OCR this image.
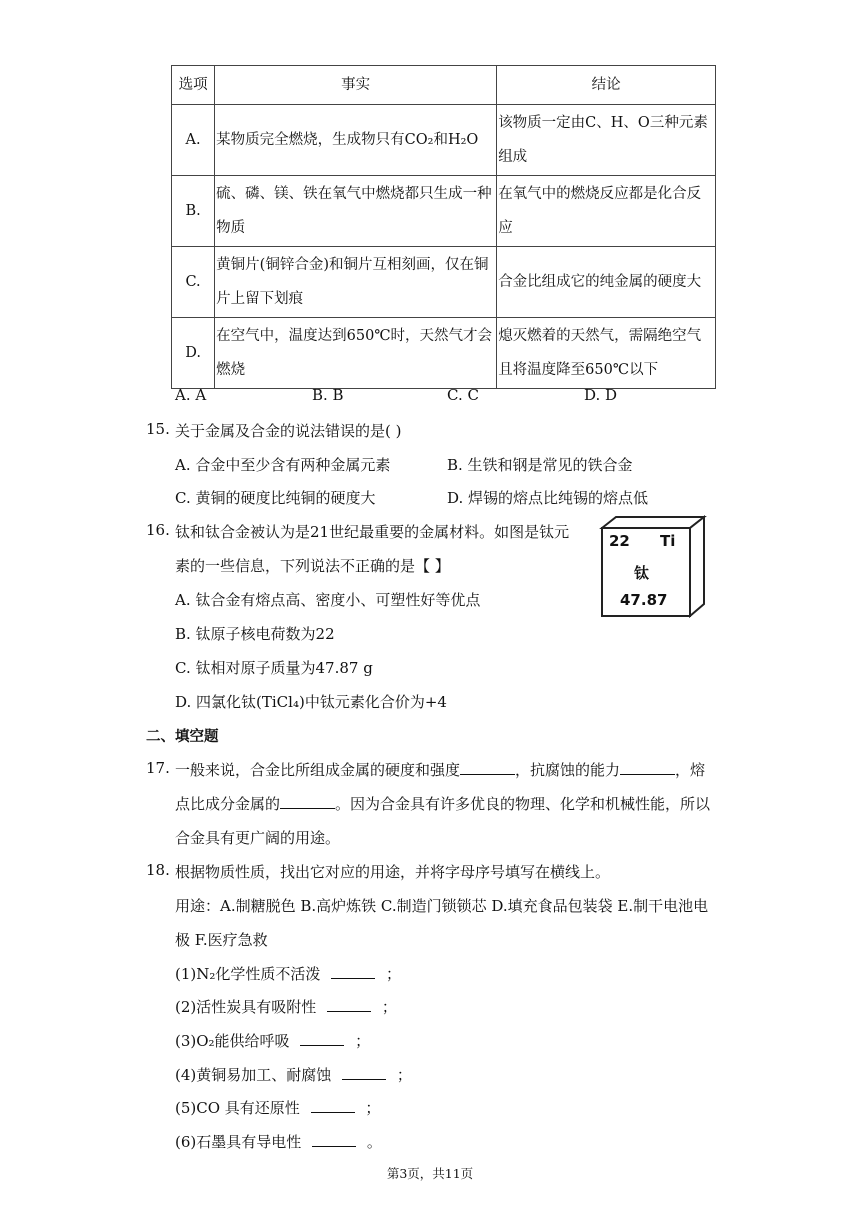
选项	事实	结论
A.	某物质完全燃烧，生成物只有CO₂和H₂O	该物质一定由C、H、O三种元素组成
B.	硫、磷、镁、铁在氧气中燃烧都只生成一种物质	在氧气中的燃烧反应都是化合反应
C.	黄铜片(铜锌合金)和铜片互相刻画，仅在铜片上留下划痕	合金比组成它的纯金属的硬度大
D.	在空气中，温度达到650℃时，天然气才会燃烧	熄灭燃着的天然气，需隔绝空气且将温度降至650℃以下
A. A	B. B	C. C	D. D
15. 关于金属及合金的说法错误的是( )
A. 合金中至少含有两种金属元素	B. 生铁和钢是常见的铁合金
C. 黄铜的硬度比纯铜的硬度大	D. 焊锡的熔点比纯锡的熔点低
16. 钛和钛合金被认为是21世纪最重要的金属材料。如图是钛元
素的一些信息，下列说法不正确的是【 】
A. 钛合金有熔点高、密度小、可塑性好等优点
B. 钛原子核电荷数为22
C. 钛相对原子质量为47.87 g
D. 四氯化钛(TiCl₄)中钛元素化合价为+4
22 Ti
钛
47.87
二、填空题
17. 一般来说，合金比所组成金属的硬度和强度	，抗腐蚀的能力	，熔
点比成分金属的	。因为合金具有许多优良的物理、化学和机械性能，所以
合金具有更广阔的用途。
18. 根据物质性质，找出它对应的用途，并将字母序号填写在横线上。
用途：A.制糖脱色 B.高炉炼铁 C.制造门锁锁芯 D.填充食品包装袋 E.制干电池电
极 F.医疗急救
(1)N₂化学性质不活泼	；
(2)活性炭具有吸附性	；
(3)O₂能供给呼吸	；
(4)黄铜易加工、耐腐蚀	；
(5)CO 具有还原性	；
(6)石墨具有导电性	。
第3页，共11页
